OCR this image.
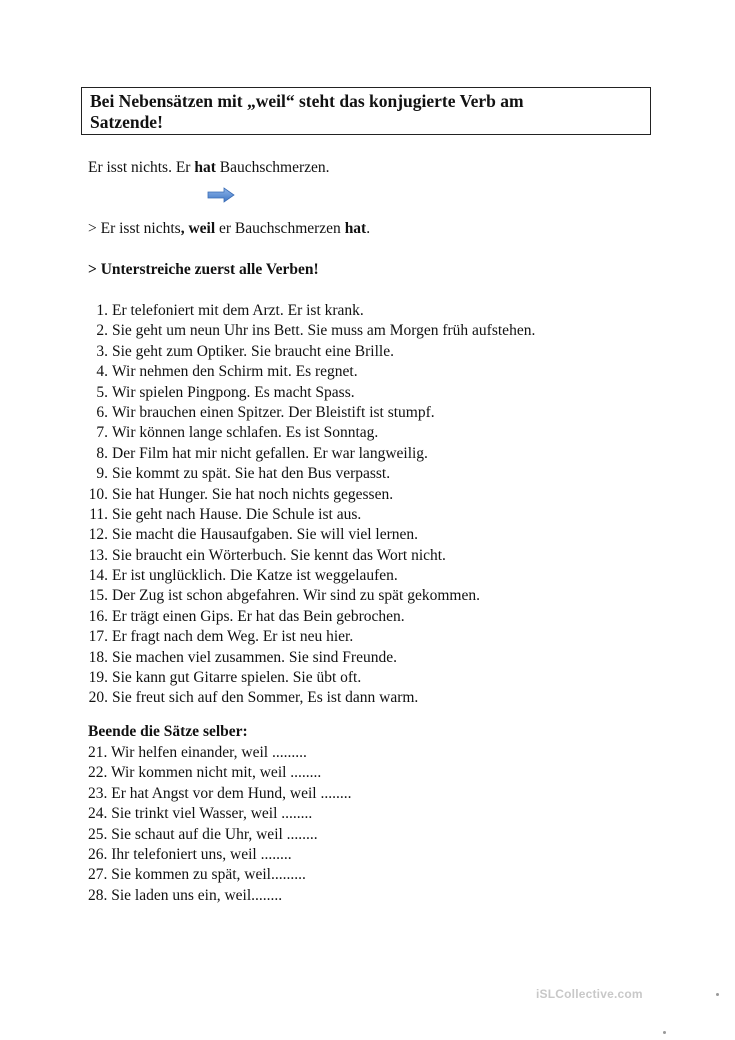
Bei Nebensätzen mit „weil“ steht das konjugierte Verb am
Satzende!
Er isst nichts. Er hat Bauchschmerzen.
> Er isst nichts, weil er Bauchschmerzen hat.
> Unterstreiche zuerst alle Verben!
1. Er telefoniert mit dem Arzt. Er ist krank.
2. Sie geht um neun Uhr ins Bett. Sie muss am Morgen früh aufstehen.
3. Sie geht zum Optiker. Sie braucht eine Brille.
4. Wir nehmen den Schirm mit. Es regnet.
5. Wir spielen Pingpong. Es macht Spass.
6. Wir brauchen einen Spitzer. Der Bleistift ist stumpf.
7. Wir können lange schlafen. Es ist Sonntag.
8. Der Film hat mir nicht gefallen. Er war langweilig.
9. Sie kommt zu spät. Sie hat den Bus verpasst.
10. Sie hat Hunger. Sie hat noch nichts gegessen.
11. Sie geht nach Hause. Die Schule ist aus.
12. Sie macht die Hausaufgaben. Sie will viel lernen.
13. Sie braucht ein Wörterbuch. Sie kennt das Wort nicht.
14. Er ist unglücklich. Die Katze ist weggelaufen.
15. Der Zug ist schon abgefahren. Wir sind zu spät gekommen.
16. Er trägt einen Gips. Er hat das Bein gebrochen.
17. Er fragt nach dem Weg. Er ist neu hier.
18. Sie machen viel zusammen. Sie sind Freunde.
19. Sie kann gut Gitarre spielen. Sie übt oft.
20. Sie freut sich auf den Sommer, Es ist dann warm.
Beende die Sätze selber:
21. Wir helfen einander, weil .........
22. Wir kommen nicht mit, weil ........
23. Er hat Angst vor dem Hund, weil ........
24. Sie trinkt viel Wasser, weil ........
25. Sie schaut auf die Uhr, weil ........
26. Ihr telefoniert uns, weil ........
27. Sie kommen zu spät, weil.........
28. Sie laden uns ein, weil........
iSLCollective.com
